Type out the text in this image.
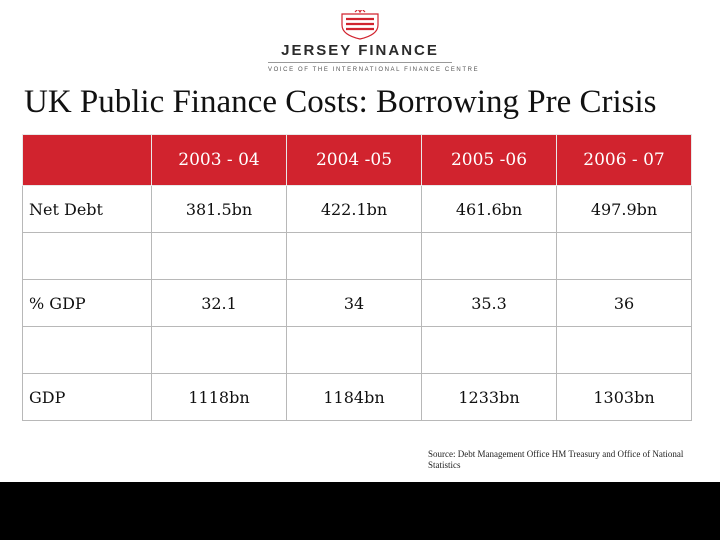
JERSEY FINANCE
VOICE OF THE INTERNATIONAL FINANCE CENTRE
UK Public Finance Costs: Borrowing Pre Crisis
	2003 - 04	2004 -05	2005 -06	2006 - 07
Net Debt	381.5bn	422.1bn	461.6bn	497.9bn

% GDP	32.1	34	35.3	36

GDP	1118bn	1184bn	1233bn	1303bn
Source: Debt Management Office HM Treasury and Office of National Statistics
